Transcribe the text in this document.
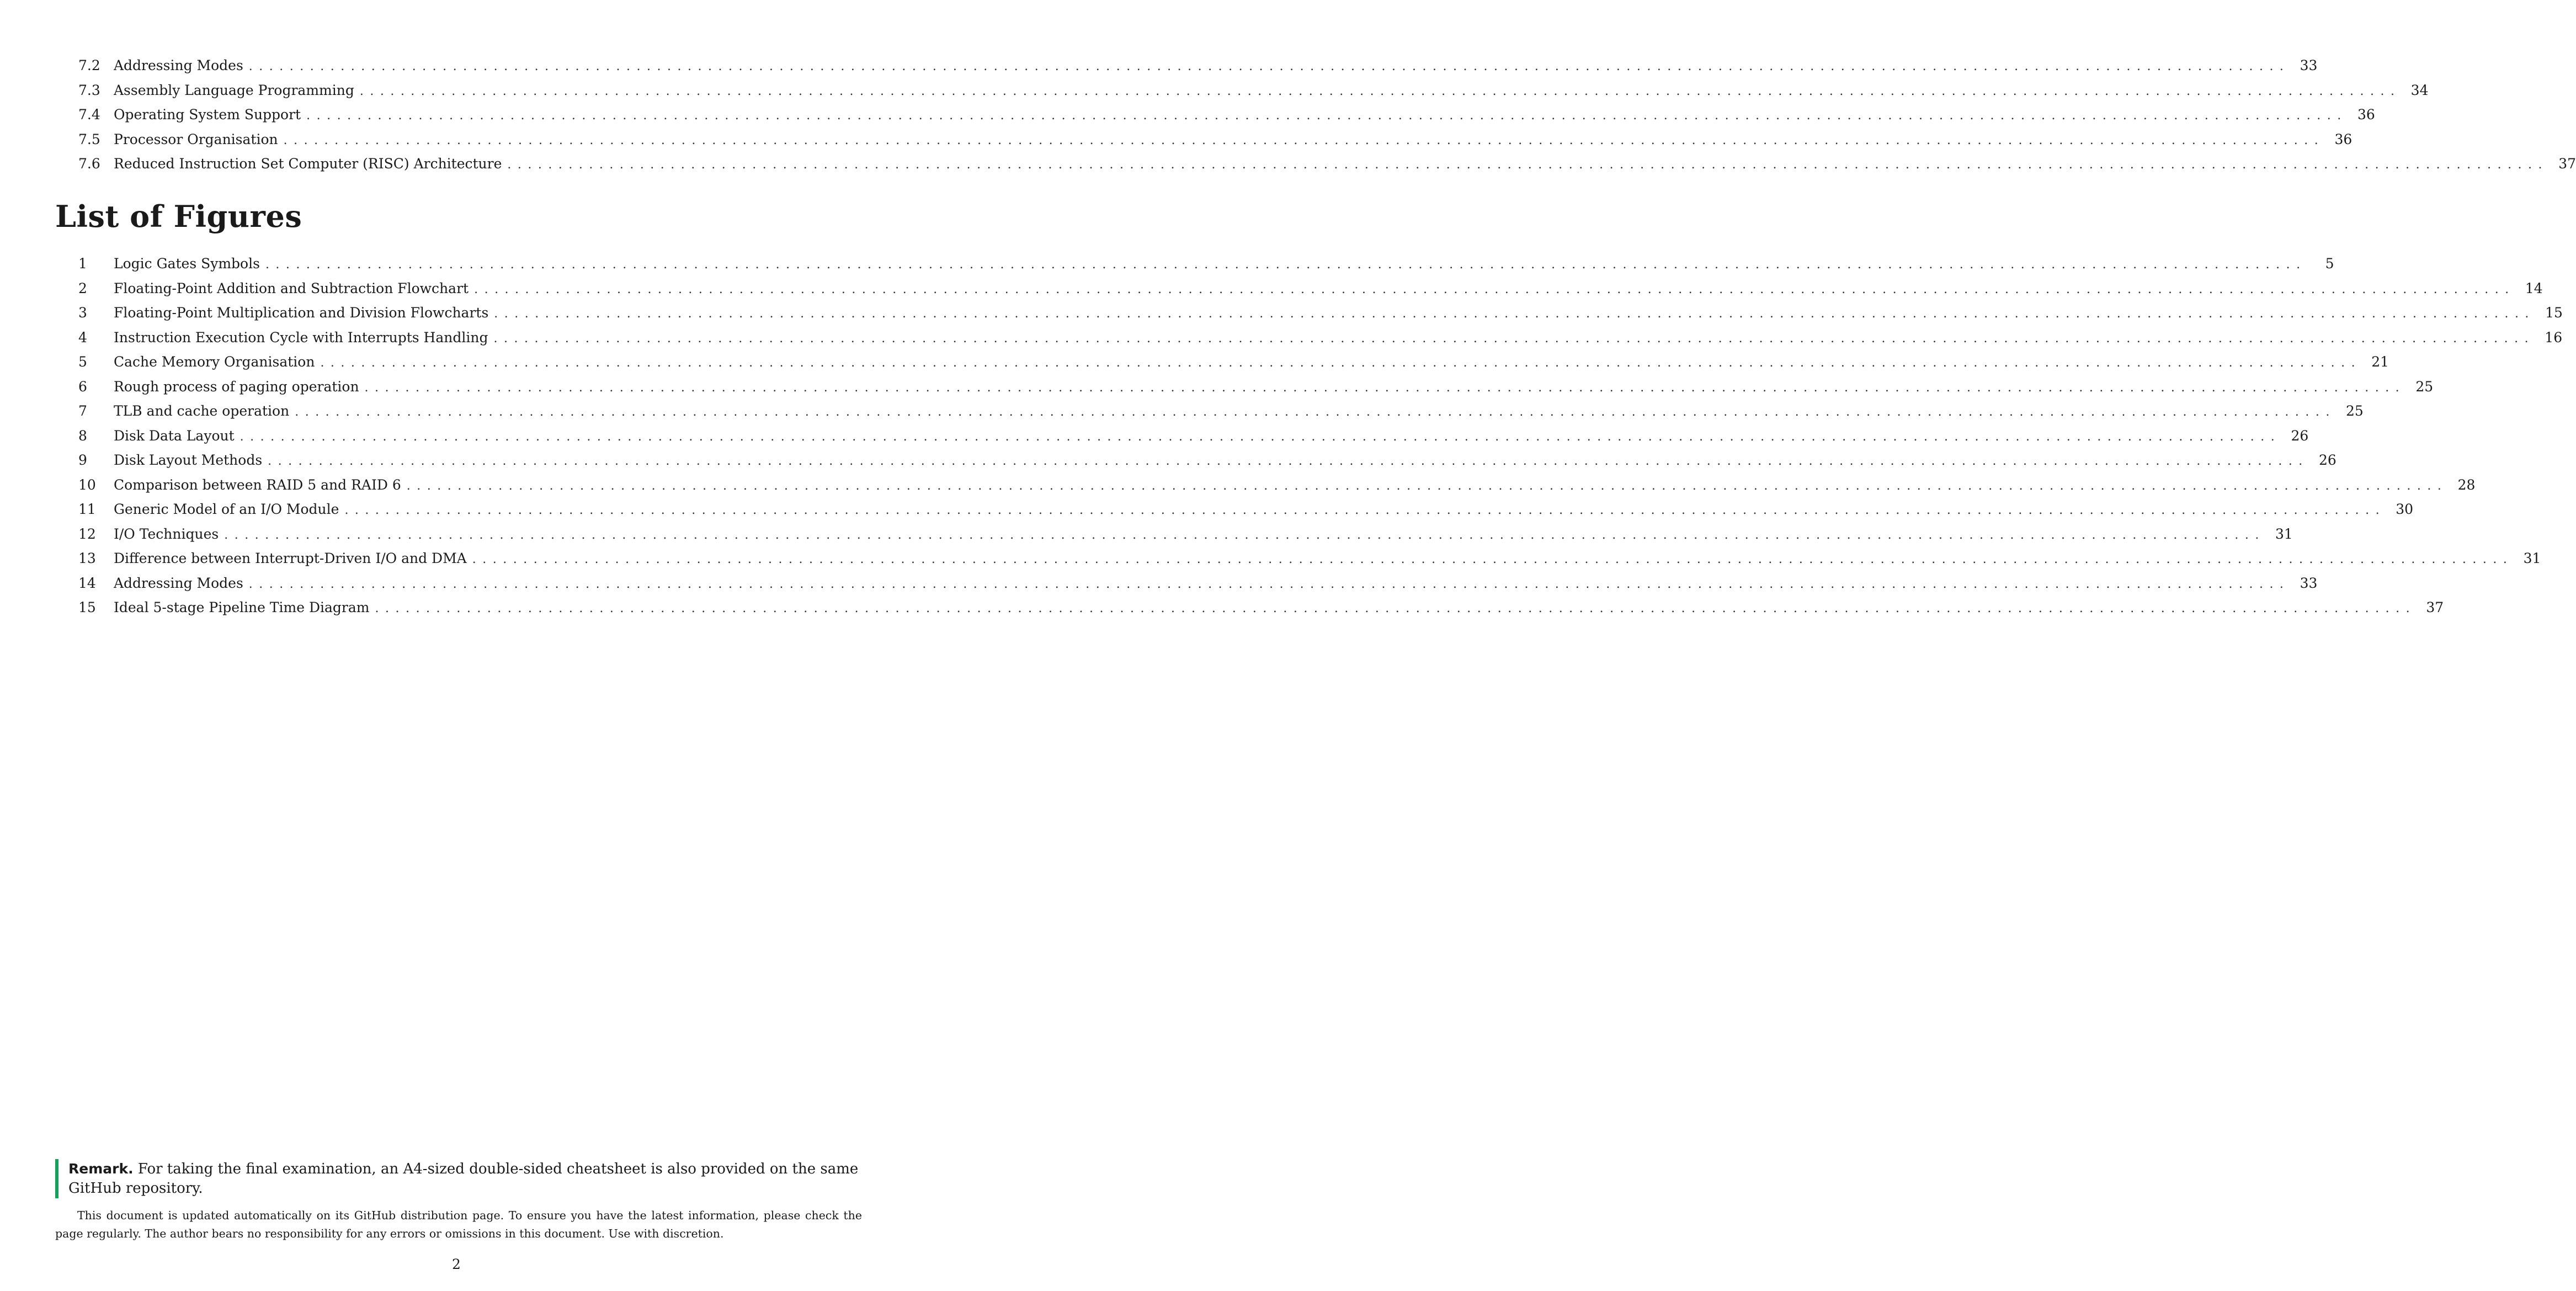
7.2 Addressing Modes ........................................................................................................................................................................................................ 33
7.3 Assembly Language Programming ........................................................................................................................................................................................................ 34
7.4 Operating System Support ........................................................................................................................................................................................................ 36
7.5 Processor Organisation ........................................................................................................................................................................................................ 36
7.6 Reduced Instruction Set Computer (RISC) Architecture ........................................................................................................................................................................................................ 37
List of Figures
1	Logic Gates Symbols ........................................................................................................................................................................................................	5
2	Floating-Point Addition and Subtraction Flowchart ........................................................................................................................................................................................................ 14
3	Floating-Point Multiplication and Division Flowcharts ........................................................................................................................................................................................................ 15
4	Instruction Execution Cycle with Interrupts Handling ........................................................................................................................................................................................................ 16
5	Cache Memory Organisation ........................................................................................................................................................................................................ 21
6	Rough process of paging operation ........................................................................................................................................................................................................ 25
7	TLB and cache operation ........................................................................................................................................................................................................ 25
8	Disk Data Layout ........................................................................................................................................................................................................ 26
9	Disk Layout Methods ........................................................................................................................................................................................................ 26
10	Comparison between RAID 5 and RAID 6 ........................................................................................................................................................................................................ 28
11	Generic Model of an I/O Module ........................................................................................................................................................................................................ 30
12	I/O Techniques ........................................................................................................................................................................................................ 31
13	Difference between Interrupt-Driven I/O and DMA ........................................................................................................................................................................................................ 31
14	Addressing Modes ........................................................................................................................................................................................................ 33
15	Ideal 5-stage Pipeline Time Diagram ........................................................................................................................................................................................................ 37
Remark. For taking the final examination, an A4-sized double-sided cheatsheet is also provided on the same GitHub repository.
This document is updated automatically on its GitHub distribution page. To ensure you have the latest information, please check the page regularly. The author bears no responsibility for any errors or omissions in this document. Use with discretion.
2
